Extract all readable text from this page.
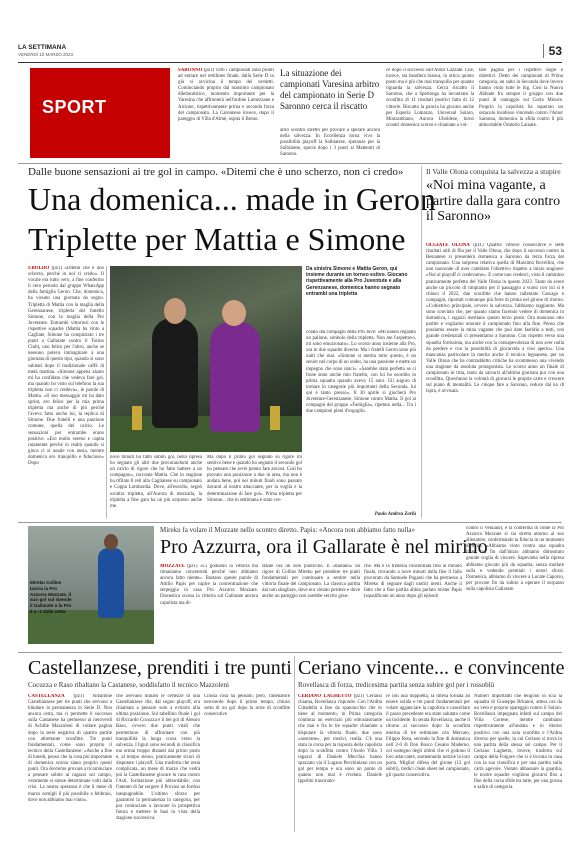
LA SETTIMANA
VENERDÌ 10 MARZO 2023	53
SPORT
SARONNO (pz1) Tutti i campionati sono pronti ad entrare nel rettilineo finale, dalla Serie D in giù si avvicina il tempo dei verdetti. Cominciando proprio dal massimo campionato dilettantistico, momento importante per la Varesina che affronterà nell'ordine Lumezzane e Alcione, rispettivamente prima e seconda forza del campionato. La Caronnese invece, dopo il pareggio di Villa d'Almè, ospita il Breno.
La situazione dei campionati Varesina arbitro del campionato in Serie D Saronno cerca il riscatto
altro scontro diretto per provare a sperare ancora nella salvezza. In Eccellenza torna vivo la possibilità playoff la Solbiatese, speranze per la Solbiatese, specie dopo i 3 punti al Matteotti di Saronno.
ce dopo il successo sull'Ardor Lazzate. Che, invece, sta bandiera bianca, in ottica quinto posto ma è più che mai tranquilla per quanto riguarda la salvezza. Cerca riscatto il Saronno, che a Sperlonga ha incontrato la sconfitta di 11 risultati positivi fatta di 12 vittorie. Riscatto la pancia ha giocato anche per Esperia Lomazzo, Universal Solaro, Monzambano, Aurora Uboldese, turno scontri domenica scorso e chiamate a vol-
tare pagina per i rispettivi sogni e obiettivi. Detto dei campionati di Prima categoria, un salto in Seconda dove invece hanno vinto tutte le big. Così la Nuova Abbiate fra sempre il gruppo con due punti di vantaggio sul Gorla Minore. Proprio la capolista ha superato un ostacolo insidioso vincendo contro l'Amor Saronna, domenica la sfida contro il più abbordabile Oratorio Lainate.
Dalle buone sensazioni ai tre gol in campo. «Ditemi che è uno scherzo, non ci credo»
Una domenica... made in Geron
Triplette per Mattia e Simone
UBOLDO (pz1) «Ditemi che è uno scherzo, perché in noi ci credo». Il vocale era tutto vero, a fine confermo il vero periodo dal gruppo WhatsApp della famiglia Geron. Che, domenica, ha vissuto una giornata da sogno. Tripletta di Mattia con la maglia della Gerenzanese, tripletta del fratello Simone, con la maglia della Pro Juventute. Entrambi vittoriosi con le rispettive squadre (Mattia ha vinto a Cagliate, Simone ha conquistato i tre punti a Gallarate contro il Torino Club), uno felice per l'altro, anche se nessuno poteva immaginare a una giornata di questo tipo, quando si sono salutati dopo il tradizionale caffè di metà mattina. «Simone appena alzato mi ha confidato che vedeva fare gol, ma quando ho visto sul telefono la sua tripletta non ci credevo», le parole di Mattia. «Il suo messaggio mi ha dato sprint, ero felice per la mia prima tripletta ma anche di più perché l'avevo fatto anche lui, la replica di Simone. Due fratelli e una passione comune, quella del calcio. Le sensazioni per entrambe erano positive. «Ero molto sereno e capita raramente perché in realtà quando si gioca ci si assale con ansia, mentre domenica ero tranquillo e fiducioso» Dopo
Da sinistra Simone e Mattia Geron, qui insieme durante un torneo estivo. Giocano rispettivamente alla Pro Juventute e alla Gerenzanese, domenica hanno segnato entrambi una tripletta
nove minuti ho fatto subito gol, nella ripresa ho segnato gli altri due procurandomi anche un calcio di rigore che ho fatto battere a un compagno», racconta Mattia. Che in stagione ha rifilato 8 reti alla Cagliatese su campionato e Coppa Lombardia. Dove, all'esordio, segnò un'altra tripletta, all'Aurora di mezzalla, la tripletta a fine gara ha un più sorpreso anche me.
Ma dopo il primo gol segnato su rigore mi sentivo bene e quando ho segnato il secondo gol ho pensato che avrei potuto fare ancora. Così ho provato una punizione a due in area, ma non è andata bene, poi nei minuti finali sono passato davanti al nostro attaccante, per la voglia e la determinazione di fare gol». Prima tripletta per Simone... che in settimana è stato cre-
colato dai compagni della Pro Juve: «Mi hanno regalato un pallone, simbolo della tripletta. Non me l'aspettavo, mi sono emozionato». Lo scorso anno insieme alla Pro, ora in due squadre diverse. Ma i fratelli Geron sono più uniti che mai. «Simone si merita tutto questo, è un senior nel corpo di un under, ha una passione e mette un impegno che sono unici». «Sarebbe stato perfetto se ci fosse stato anche mio fratello, con lui ho esordito in prima squadra quando avevo 15 anni. Gli auguro di tornare in categorie più importanti della Seconda, lui qui è tanto presso». Il 30 aprile si giocherà Pro Juventute-Gerenzanese, Simone contro Mattia. Il gol ai compagni del gruppo «Famiglia», ripetuto nella... Tra i due campioni pieni d'orgoglio.
Paolo Andrea Zorlù
Il Valle Olona conquista la salvezza a stupire
«Noi mina vagante, a partire dalla gara contro il Saronno»
OLGIATE OLONA (pz1) Quattro vittorie consecutive e sette risultati utili di fila per il Valle Olona, che dopo il successo contro la Besnatese si presenterà domenica a Saronno da terza forza del campionato. Una sorpresa relativa quella di Massimo Rovellini, che non nasconde di aver cambiato l'obiettivo rispetto a inizio stagione: «Noi ai playoff ci credevamo». E come non crederci, visto il cammino praticamente perfetto del Valle Olona in questo 2023. Tanto da avere anche un piccolo di rimpianto per il passaggio a vuoto con cui si è chiuso il 2022, due sconfitte che hanno rallentato Cassago e compagni, riportati comunque più forte di prima nel girone di ritorno. «L'obiettivo principale, ovvero la salvezza, l'abbiamo raggiunto. Ma sono convinto che, per quanto siamo facendo vedere di domenica in domenica, i ragazzi meritano questo terzo posto. Ora mancano otto partite e vogliamo onorare il campionato fino alla fine. Penso che possiamo essere la mina vagante che può dare fastidio a tutti, con grande credenziali ci presentiamo a Saronno. Con rispetto verso una squadra fortissima, ma anche con la consapevolezza di non aver nulla da perdere e con la possibilità di giocarcela a viso aperto». Una mancanza particolare la merita anche il tecnico legnanese, per un Valle Olona che ha contraddetto critiche ha scommesso una vivendo una stagione da assoluta protagonista. Le scorso anno un finale di campionato in trtta, tanto da salvarsi all'ultima giornata pur con una sconfitta. Quest'anno la volontà di giocarsi le proprie carte e crescere sul piano di mentalità. Le cinque fare a Saronno, reduce dal ko di Ispra, è avvisata.
Mireku fa volare il Mozzate nello scontro diretto. Papis: «Ancora non abbiamo fatto nulla»
Pro Azzurra, ora il Gallarate è nel mirino
Mireku Collins lancia la Pro Azzurra Mozzate, il suo gol sul sbende il Gallarate e la Pro è a -1 dalla vetta
MOZZATE (pz1) «Ci godiamo la vittoria ma rimaniamo concentrati perché non abbiamo ancora fatto niente». Bastano queste parole di Attilio Papis per capire la concentrazione che serpeggia in casa Pro Azzurra Mozzate. Domenica scorsa la vittoria sul Gallarate ancora capolista ma di-
stante ora un solo punticino. Il «bastano» un rigore di Collins Mireku per prendere tre punti fondamentali per continuare a sentire nella vittoria finale del campionato. La classica partita dal non sbagliare, dove era vietato perdere e dove anche un pareggio non sarebbe servito gran-
ché. Ma è la frenesia concentrata fino al minuto finale, trovando a nove minuti dalla fine il fallo procurato da Samuele Pugassi che ha permesso a Mireku di segnare dagli undici metri. Anche il fatto che a fine partita abbia parlato mister Papis (squalificato un anno dopo gli episodi
contro il Veniano), è la conferma di come la Pro Azzurra Mozzate si sia stretta attorno al suo allenatore, confermando la fiducia in un momento difficile. «Abbiamo vinto contro una squadra forte, ma fin dall'inizio abbiamo dimostrato grande voglia di vincere. Sapevamo nella ripresa abbiamo giocato più da squadra, senza mollare sulla e vedendo premiati i nostri sforzi. Domenica, abbiamo di vincere a Locate Caporso, per provare fin da subito a operare il sorpasso sulla capolista Gallarate.
Castellanzese, prenditi i tre punti
Cocuzza e Raso ribaltano la Castanese, soddisfatto il tecnico Mazzoleni
CASTELLANZA (pz1) Ribaltone Castellanzese per tre punti che servono a blindare la permanenza in Serie D. Non ancora certa, ma ci permette il successo sulla Castanese ha permesso ai neroverdi di Achille Mazzoleni di voltare pagina dopo la serie negativa di quattro partite con altrettante sconfitte. Tre punti fondamentali, come sono proprio il tecnico della Castellanzese: «Anche a fine di lunedì, penso che la cosa più importante di domenica scorsa siano proprio questi punti. Ora dovremo provare a ricominciare a pensare subito ai ragazzi sul campo, veramente si stesse determinate volti dalla crisi. La nostra speranza è che il mese di marzo somigli il più possibile a febbraio, dove non abbiamo mai vinto».
che avevano minato le certezze di una Castellanzese che, dal sogno playoff, era chiamata a pensare solo a evitarlo alla ultima posizione. Sul tabellino finale i gol di Riccardo Cocuzza e il bel gol di Alessio Raso, ovvero due punti vitali che permettono di affrontare con più tranquillità la lunga corsa verso la salvezza. I liguri sono secondi in classifica ma ormai troppo distanti dal primo posto e, al tempo stesso, praticamente sicuri di disputare i playoff. Una trasferta che resta complicata, un mese di marzo che vedrà poi la Castellanzese giocare in casa contro l'Asti, formazione più abbordabile, con l'intento di far sorgere il Provasi un fortino inespugnabile. L'ultimo sforzo per garantirsi la permanenza in categoria, per poi cominciare a lavorare in prospettiva futura e mettere le basi in vista della stagione successiva.
Chissà cosa ha pensato, però, l'allenatore neroverde dopo il primo tempo, chiuso sotto di un gol dopo la serie di sconfitte consecutive
Ceriano vincente... e convincente
Rovellasca di forza, tredicesima partita senza subire gol per i rossoblù
CERIANO LAGHETTO (pz1) Ceriano chiama, Rovellasca risponde. Con l'Ardita Cittadella a fare da spauracchio che lo tiene al momento, in Prima categoria continua un esercizio più entusiasmante che mai e fra le tre squadre chiamate a disputare la vittoria finale, due sono «nostrane», per motivi, realtà. C'è una stata in corsa per la risposta della capolista dopo la sconfitta contro l'Asolo Villa. I ragazzi di Daniele Mecchia hanno spazzato via il Lugano Pecchiniano con un gol per tempo e ora sono un punto di quanto non mai è rivelato. Daniele Ippolito trascinato-
re con una doppietta, la difesa tornata ad essere solida e tre punti fondamentali per volare agganciare la capolista e cancellare il passo precedente era stato salutato come un incidente. In serata Rovellasca, anche il ritorno al successo dopo la sconfitta esterna di tre settimane con Mercato, Filippo Rota, secondo la fine di domenica nell 2-0 di Don Bosco Cesano Maderno, col sostegno degli ultimi che vi godono il loro attaccante, aumentando notizie la loro porta. Miglior difesa del girone (12 gol subiti), tredici clean sheet nel campionato, gli quarta consecutiva.
Numeri importanti che tengono in scia la squadra di Giuseppe Britanni, attesa ora da un vero e proprio spareggio contro il Solaro. Rovellasca impegnata infatti sul campo del Villa Cortese, mentre cambiano rispettivamente all'andata e in ritorno positivo con una sola sconfitta e l'Ardita diverso per quelle, in cui Ceriano si trova in una partita della stessa sul campo. Per il Ceriano Laghetto, invece, trasferta sul campo della Folgore che si è trovata in casa con la sua classifica e per una partita sulla carta agevole. Vietato abbassare la guardia, le nostre squadre vogliono giocarsi fino a fine della corsa sfide tra tutte, per una grossa e salire di categoria.
